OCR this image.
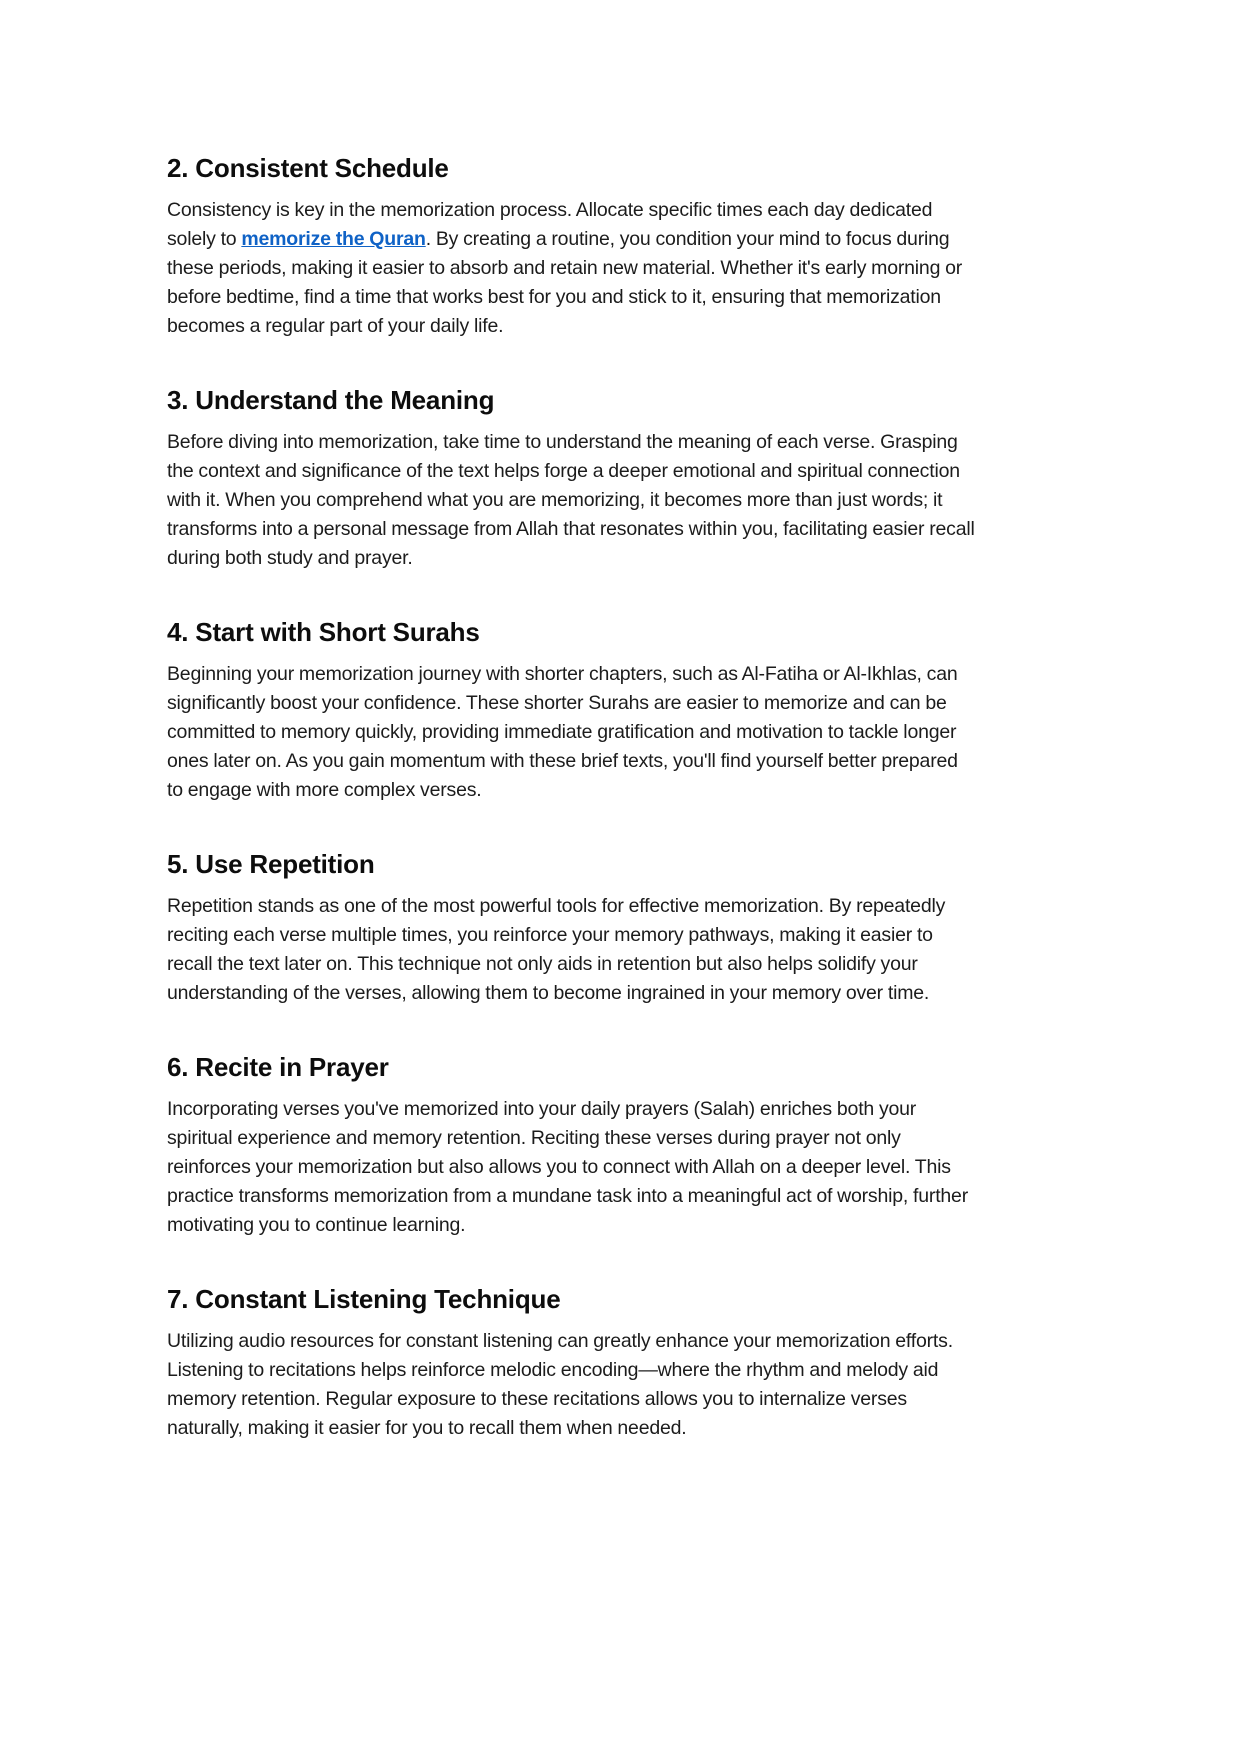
2. Consistent Schedule

Consistency is key in the memorization process. Allocate specific times each day dedicated solely to memorize the Quran. By creating a routine, you condition your mind to focus during these periods, making it easier to absorb and retain new material. Whether it's early morning or before bedtime, find a time that works best for you and stick to it, ensuring that memorization becomes a regular part of your daily life.

3. Understand the Meaning

Before diving into memorization, take time to understand the meaning of each verse. Grasping the context and significance of the text helps forge a deeper emotional and spiritual connection with it. When you comprehend what you are memorizing, it becomes more than just words; it transforms into a personal message from Allah that resonates within you, facilitating easier recall during both study and prayer.

4. Start with Short Surahs

Beginning your memorization journey with shorter chapters, such as Al-Fatiha or Al-Ikhlas, can significantly boost your confidence. These shorter Surahs are easier to memorize and can be committed to memory quickly, providing immediate gratification and motivation to tackle longer ones later on. As you gain momentum with these brief texts, you'll find yourself better prepared to engage with more complex verses.

5. Use Repetition

Repetition stands as one of the most powerful tools for effective memorization. By repeatedly reciting each verse multiple times, you reinforce your memory pathways, making it easier to recall the text later on. This technique not only aids in retention but also helps solidify your understanding of the verses, allowing them to become ingrained in your memory over time.

6. Recite in Prayer

Incorporating verses you've memorized into your daily prayers (Salah) enriches both your spiritual experience and memory retention. Reciting these verses during prayer not only reinforces your memorization but also allows you to connect with Allah on a deeper level. This practice transforms memorization from a mundane task into a meaningful act of worship, further motivating you to continue learning.

7. Constant Listening Technique

Utilizing audio resources for constant listening can greatly enhance your memorization efforts. Listening to recitations helps reinforce melodic encoding—where the rhythm and melody aid memory retention. Regular exposure to these recitations allows you to internalize verses naturally, making it easier for you to recall them when needed.
